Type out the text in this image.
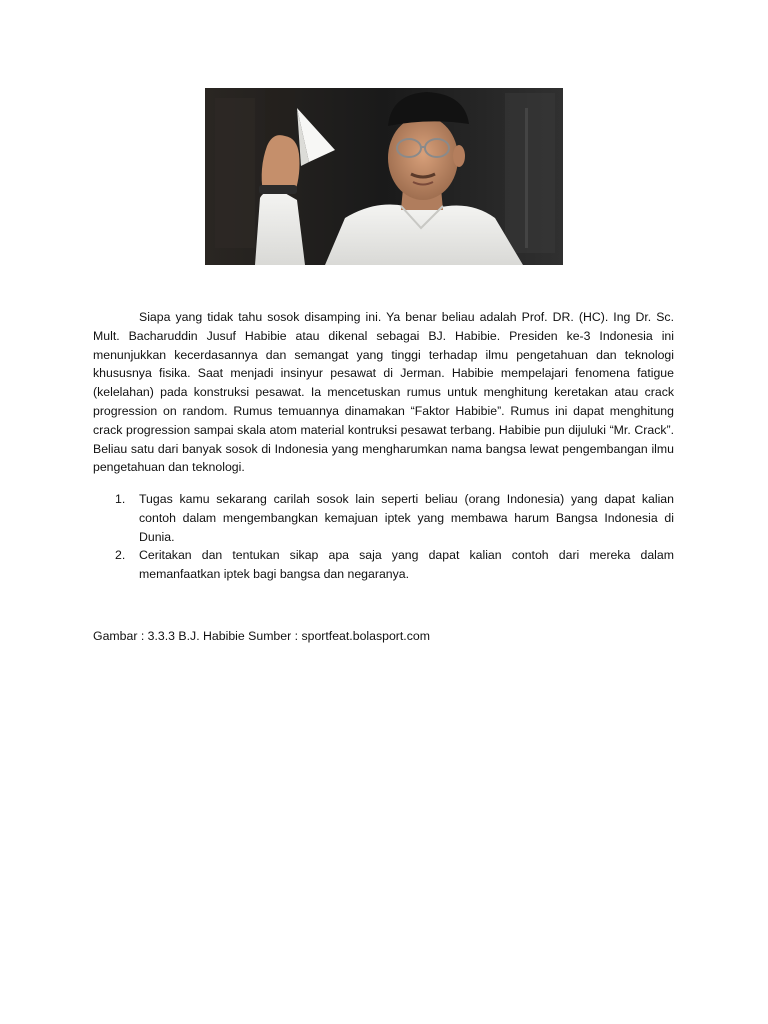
Siapa yang tidak tahu sosok disamping ini. Ya benar beliau adalah Prof. DR. (HC). Ing Dr. Sc. Mult. Bacharuddin Jusuf Habibie atau dikenal sebagai BJ. Habibie. Presiden ke-3 Indonesia ini menunjukkan kecerdasannya dan semangat yang tinggi terhadap ilmu pengetahuan dan teknologi khususnya fisika. Saat menjadi insinyur pesawat di Jerman. Habibie mempelajari fenomena fatigue (kelelahan) pada konstruksi pesawat. Ia mencetuskan rumus untuk menghitung keretakan atau crack progression on random. Rumus temuannya dinamakan “Faktor Habibie”. Rumus ini dapat menghitung crack progression sampai skala atom material kontruksi pesawat terbang. Habibie pun dijuluki “Mr. Crack”. Beliau satu dari banyak sosok di Indonesia yang mengharumkan nama bangsa lewat pengembangan ilmu pengetahuan dan teknologi.

1. Tugas kamu sekarang carilah sosok lain seperti beliau (orang Indonesia) yang dapat kalian contoh dalam mengembangkan kemajuan iptek yang membawa harum Bangsa Indonesia di Dunia.
2. Ceritakan dan tentukan sikap apa saja yang dapat kalian contoh dari mereka dalam memanfaatkan iptek bagi bangsa dan negaranya.

Gambar : 3.3.3 B.J. Habibie Sumber : sportfeat.bolasport.com
